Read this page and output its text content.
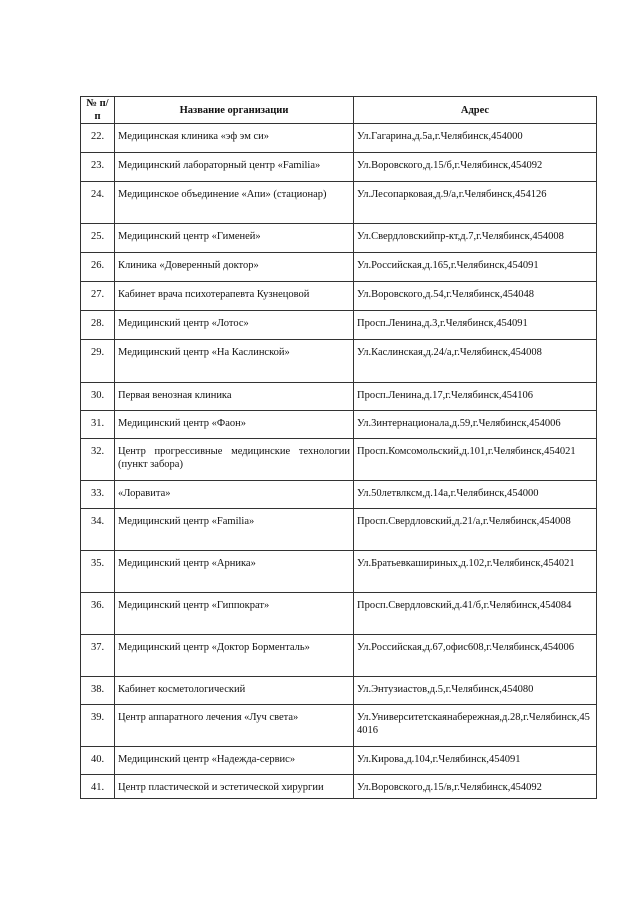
№ п/п	Название организации	Адрес
22.	Медицинская клиника «эф эм си»	Ул.Гагарина,д.5а,г.Челябинск,454000
23.	Медицинский лабораторный центр «Familia»	Ул.Воровского,д.15/б,г.Челябинск,454092
24.	Медицинское объединение «Апи» (стационар)	Ул.Лесопарковая,д.9/а,г.Челябинск,454126
25.	Медицинский центр «Гименей»	Ул.Свердловскийпр-кт,д.7,г.Челябинск,454008
26.	Клиника «Доверенный доктор»	Ул.Российская,д.165,г.Челябинск,454091
27.	Кабинет врача психотерапевта Кузнецовой	Ул.Воровского,д.54,г.Челябинск,454048
28.	Медицинский центр «Лотос»	Просп.Ленина,д.3,г.Челябинск,454091
29.	Медицинский центр «На Каслинской»	Ул.Каслинская,д.24/а,г.Челябинск,454008
30.	Первая венозная клиника	Просп.Ленина,д.17,г.Челябинск,454106
31.	Медицинский центр «Фаон»	Ул.3интернационала,д.59,г.Челябинск,454006
32.	Центр прогрессивные медицинские технологии (пункт забора)	Просп.Комсомольский,д.101,г.Челябинск,454021
33.	«Лоравита»	Ул.50летвлксм,д.14а,г.Челябинск,454000
34.	Медицинский центр «Familia»	Просп.Свердловский,д.21/а,г.Челябинск,454008
35.	Медицинский центр «Арника»	Ул.Братьевкашириных,д.102,г.Челябинск,454021
36.	Медицинский центр «Гиппократ»	Просп.Свердловский,д.41/б,г.Челябинск,454084
37.	Медицинский центр «Доктор Борменталь»	Ул.Российская,д.67,офис608,г.Челябинск,454006
38.	Кабинет косметологический	Ул.Энтузиастов,д.5,г.Челябинск,454080
39.	Центр аппаратного лечения «Луч света»	Ул.Университетскаянабережная,д.28,г.Челябинск,454016
40.	Медицинский центр «Надежда-сервис»	Ул.Кирова,д.104,г.Челябинск,454091
41.	Центр пластической и эстетической хирургии	Ул.Воровского,д.15/в,г.Челябинск,454092
